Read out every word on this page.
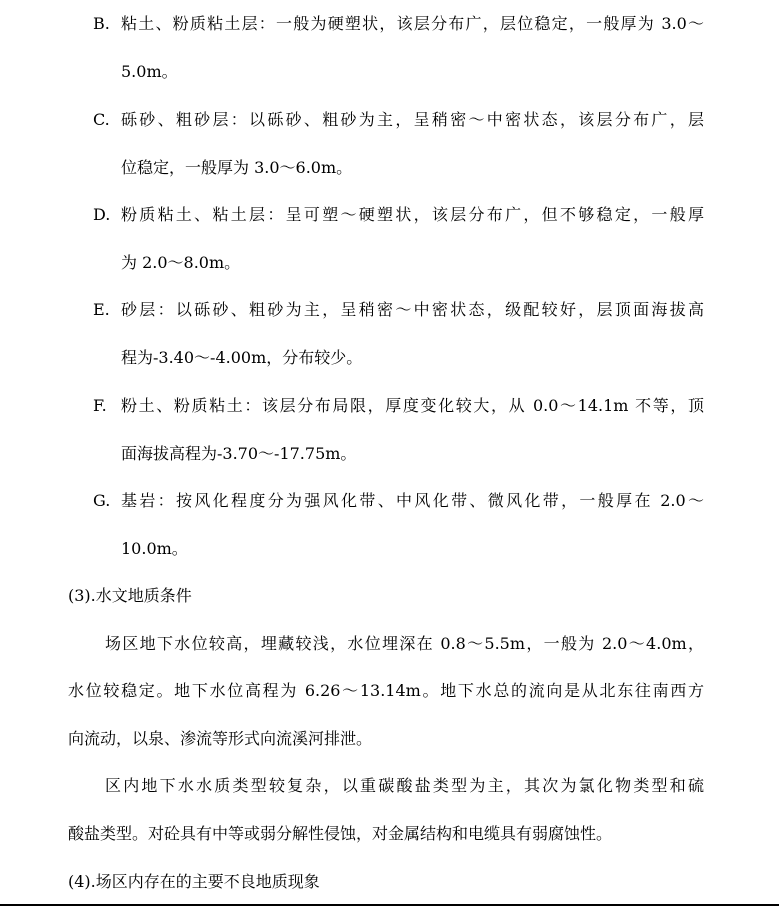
B. 粘土、粉质粘土层：一般为硬塑状，该层分布广，层位稳定，一般厚为 3.0～
5.0m。
C. 砾砂、粗砂层：以砾砂、粗砂为主，呈稍密～中密状态，该层分布广，层
位稳定，一般厚为 3.0～6.0m。
D. 粉质粘土、粘土层：呈可塑～硬塑状，该层分布广，但不够稳定，一般厚
为 2.0～8.0m。
E. 砂层：以砾砂、粗砂为主，呈稍密～中密状态，级配较好，层顶面海拔高
程为-3.40～-4.00m，分布较少。
F. 粉土、粉质粘土：该层分布局限，厚度变化较大，从 0.0～14.1m 不等，顶
面海拔高程为-3.70～-17.75m。
G. 基岩：按风化程度分为强风化带、中风化带、微风化带，一般厚在 2.0～
10.0m。
(3).水文地质条件
场区地下水位较高，埋藏较浅，水位埋深在 0.8～5.5m，一般为 2.0～4.0m，
水位较稳定。地下水位高程为 6.26～13.14m。地下水总的流向是从北东往南西方
向流动，以泉、渗流等形式向流溪河排泄。
区内地下水水质类型较复杂，以重碳酸盐类型为主，其次为氯化物类型和硫
酸盐类型。对砼具有中等或弱分解性侵蚀，对金属结构和电缆具有弱腐蚀性。
(4).场区内存在的主要不良地质现象
